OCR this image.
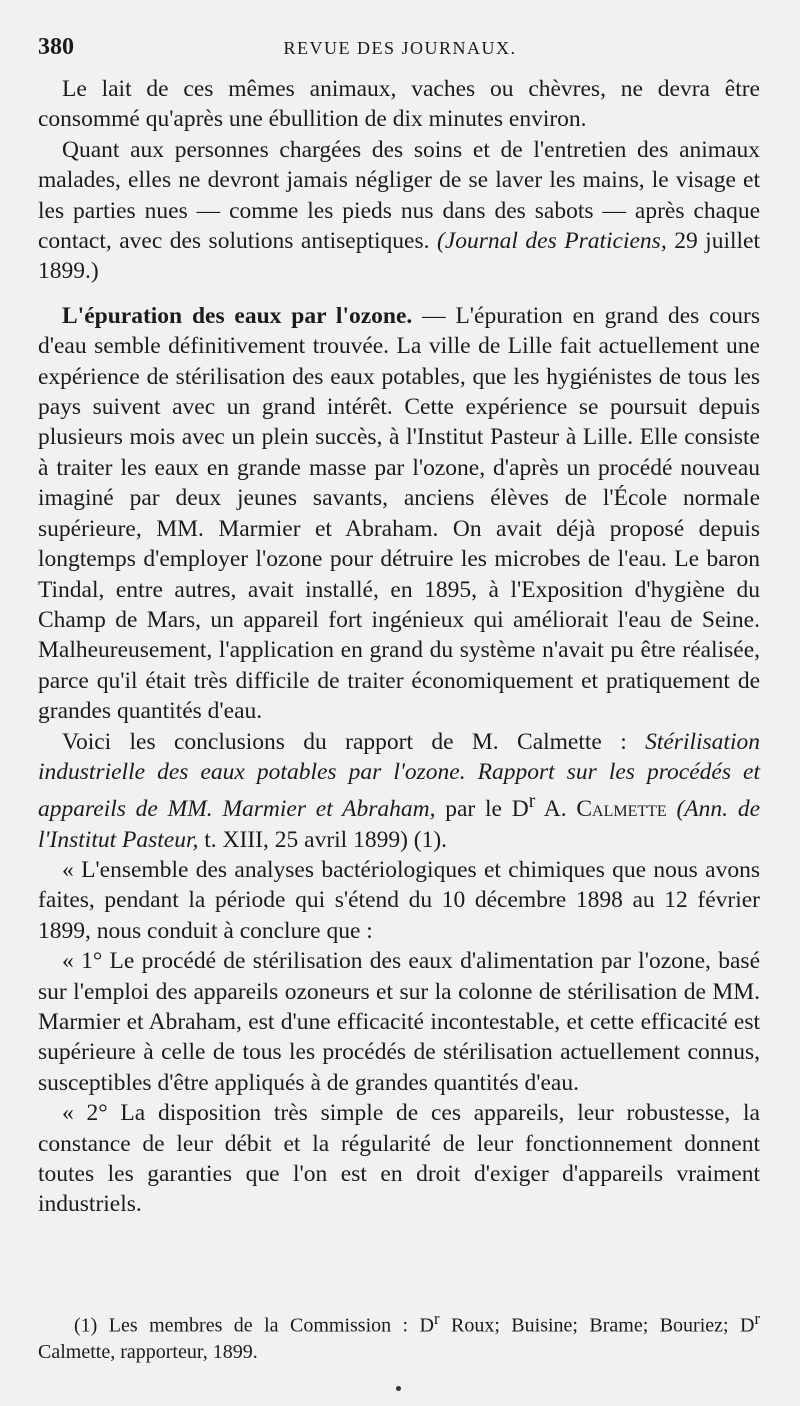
380	REVUE DES JOURNAUX.

Le lait de ces mêmes animaux, vaches ou chèvres, ne devra être consommé qu'après une ébullition de dix minutes environ.

Quant aux personnes chargées des soins et de l'entretien des animaux malades, elles ne devront jamais négliger de se laver les mains, le visage et les parties nues — comme les pieds nus dans des sabots — après chaque contact, avec des solutions antiseptiques. (Journal des Praticiens, 29 juillet 1899.)

L'épuration des eaux par l'ozone. — L'épuration en grand des cours d'eau semble définitivement trouvée. La ville de Lille fait actuellement une expérience de stérilisation des eaux potables, que les hygiénistes de tous les pays suivent avec un grand intérêt. Cette expérience se poursuit depuis plusieurs mois avec un plein succès, à l'Institut Pasteur à Lille. Elle consiste à traiter les eaux en grande masse par l'ozone, d'après un procédé nouveau imaginé par deux jeunes savants, anciens élèves de l'École normale supérieure, MM. Marmier et Abraham. On avait déjà proposé depuis longtemps d'employer l'ozone pour détruire les microbes de l'eau. Le baron Tindal, entre autres, avait installé, en 1895, à l'Exposition d'hygiène du Champ de Mars, un appareil fort ingénieux qui améliorait l'eau de Seine. Malheureusement, l'application en grand du système n'avait pu être réalisée, parce qu'il était très difficile de traiter économiquement et pratiquement de grandes quantités d'eau.

Voici les conclusions du rapport de M. Calmette : Stérilisation industrielle des eaux potables par l'ozone. Rapport sur les procédés et appareils de MM. Marmier et Abraham, par le $D^r$ A. Calmette (Ann. de l'Institut Pasteur, t. XIII, 25 avril 1899) (1).

« L'ensemble des analyses bactériologiques et chimiques que nous avons faites, pendant la période qui s'étend du 10 décembre 1898 au 12 février 1899, nous conduit à conclure que :

« 1° Le procédé de stérilisation des eaux d'alimentation par l'ozone, basé sur l'emploi des appareils ozoneurs et sur la colonne de stérilisation de MM. Marmier et Abraham, est d'une efficacité incontestable, et cette efficacité est supérieure à celle de tous les procédés de stérilisation actuellement connus, susceptibles d'être appliqués à de grandes quantités d'eau.

« 2° La disposition très simple de ces appareils, leur robustesse, la constance de leur débit et la régularité de leur fonctionnement donnent toutes les garanties que l'on est en droit d'exiger d'appareils vraiment industriels.

(1) Les membres de la Commission : $D^r$ Roux; Buisine; Brame; Bouriez; $D^r$ Calmette, rapporteur, 1899.
